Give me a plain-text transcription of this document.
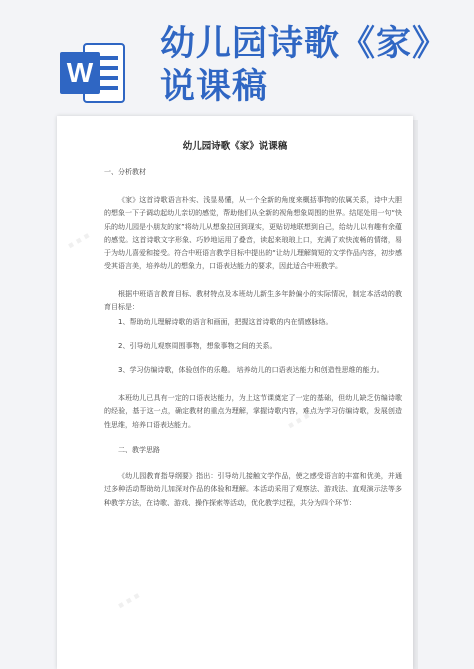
W
幼儿园诗歌《家》
说课稿
幼儿园诗歌《家》说课稿

一、分析教材

《家》这首诗歌语言朴实、浅显易懂，从一个全新的角度来概括事物的依属关系，诗中大胆的想象一下子调动起幼儿亲切的感觉，帮助他们从全新的视角想象周围的世界。结尾处用一句“快乐的幼儿园是小朋友的家”将幼儿从想象拉回到现实，更贴切地联想到自己，给幼儿以有趣有余蕴的感觉。这首诗歌文字形象、巧妙地运用了叠音，读起来琅琅上口，充满了欢快流畅的情绪，易于为幼儿喜爱和接受。符合中班语言教学目标中提出的“让幼儿理解简短的文学作品内容，初步感受其语言美，培养幼儿的想象力，口语表达能力的要求，因此适合中班教学。

根据中班语言教育目标、教材特点及本班幼儿新生多年龄偏小的实际情况，制定本活动的教育目标是：

1、帮助幼儿理解诗歌的语言和画面，把握这首诗歌的内在情感脉络。

2、引导幼儿观察周围事物，想象事物之间的关系。

3、学习仿编诗歌，体验创作的乐趣。 培养幼儿的口语表达能力和创造性思维的能力。

本班幼儿已具有一定的口语表达能力，为上这节课奠定了一定的基础，但幼儿缺乏仿编诗歌的经验，基于这一点，确定教材的重点为理解，掌握诗歌内容，难点为学习仿编诗歌，发展创造性思维，培养口语表达能力。

二、教学思路

《幼儿园教育指导纲要》指出：引导幼儿接触文学作品，使之感受语言的丰富和优美，并通过多种活动帮助幼儿加深对作品的体验和理解。本活动采用了观察法、游戏法、直观演示法等多种教学方法，在诗歌、游戏、操作探索等活动，优化教学过程，共分为四个环节：

▪ ▪ ▪
▪ ▪ ▪
▪ ▪ ▪
